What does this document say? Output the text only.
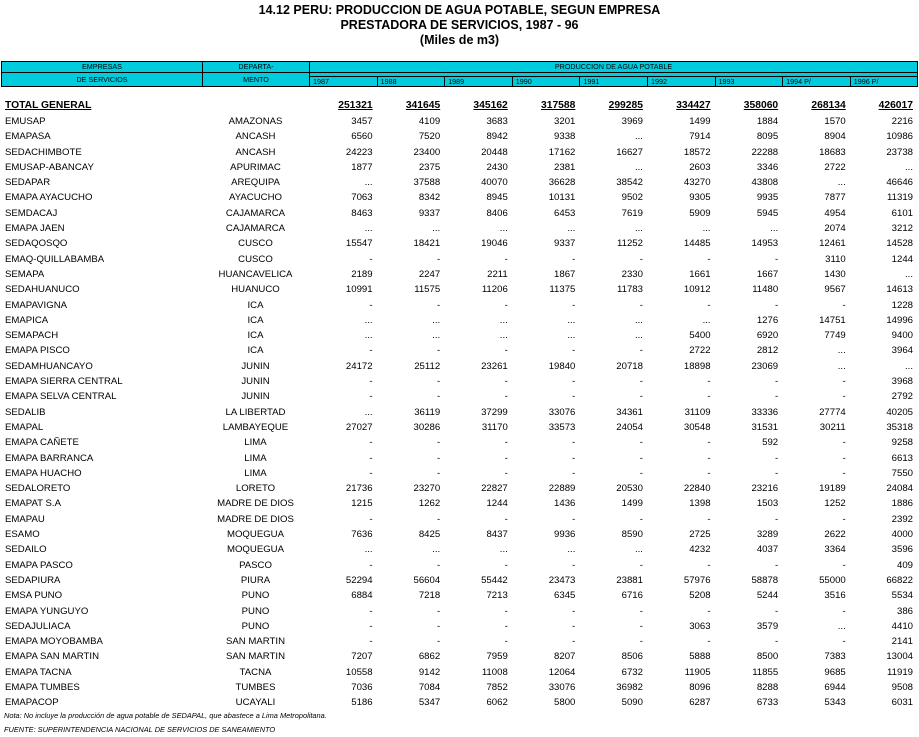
14.12 PERU: PRODUCCION DE AGUA POTABLE, SEGUN EMPRESA
PRESTADORA DE SERVICIOS, 1987 - 96
(Miles de m3)
EMPRESAS	DEPARTA-	PRODUCCION DE AGUA POTABLE								
DE SERVICIOS	MENTO									
		1987	1988	1989	1990	1991	1992	1993	1994 P/	1996 P/
TOTAL GENERAL		251321	341645	345162	317588	299285	334427	358060	268134	426017
EMUSAP	AMAZONAS	3457	4109	3683	3201	3969	1499	1884	1570	2216
EMAPASA	ANCASH	6560	7520	8942	9338	...	7914	8095	8904	10986
SEDACHIMBOTE	ANCASH	24223	23400	20448	17162	16627	18572	22288	18683	23738
EMUSAP-ABANCAY	APURIMAC	1877	2375	2430	2381	...	2603	3346	2722	...
SEDAPAR	AREQUIPA	...	37588	40070	36628	38542	43270	43808	...	46646
EMAPA AYACUCHO	AYACUCHO	7063	8342	8945	10131	9502	9305	9935	7877	11319
SEMDACAJ	CAJAMARCA	8463	9337	8406	6453	7619	5909	5945	4954	6101
EMAPA JAEN	CAJAMARCA	...	...	...	...	...	...	...	2074	3212
SEDAQOSQO	CUSCO	15547	18421	19046	9337	11252	14485	14953	12461	14528
EMAQ-QUILLABAMBA	CUSCO	-	-	-	-	-	-	-	3110	1244
SEMAPA	HUANCAVELICA	2189	2247	2211	1867	2330	1661	1667	1430	...
SEDAHUANUCO	HUANUCO	10991	11575	11206	11375	11783	10912	11480	9567	14613
EMAPAVIGNA	ICA	-	-	-	-	-	-	-	-	1228
EMAPICA	ICA	...	...	...	...	...	...	1276	14751	14996
SEMAPACH	ICA	...	...	...	...	...	5400	6920	7749	9400
EMAPA PISCO	ICA	-	-	-	-	-	2722	2812	...	3964
SEDAMHUANCAYO	JUNIN	24172	25112	23261	19840	20718	18898	23069	...	...
EMAPA SIERRA CENTRAL	JUNIN	-	-	-	-	-	-	-	-	3968
EMAPA SELVA CENTRAL	JUNIN	-	-	-	-	-	-	-	-	2792
SEDALIB	LA LIBERTAD	...	36119	37299	33076	34361	31109	33336	27774	40205
EMAPAL	LAMBAYEQUE	27027	30286	31170	33573	24054	30548	31531	30211	35318
EMAPA CAÑETE	LIMA	-	-	-	-	-	-	592	-	9258
EMAPA BARRANCA	LIMA	-	-	-	-	-	-	-	-	6613
EMAPA HUACHO	LIMA	-	-	-	-	-	-	-	-	7550
SEDALORETO	LORETO	21736	23270	22827	22889	20530	22840	23216	19189	24084
EMAPAT S.A	MADRE DE DIOS	1215	1262	1244	1436	1499	1398	1503	1252	1886
EMAPAU	MADRE DE DIOS	-	-	-	-	-	-	-	-	2392
ESAMO	MOQUEGUA	7636	8425	8437	9936	8590	2725	3289	2622	4000
SEDAILO	MOQUEGUA	...	...	...	...	...	4232	4037	3364	3596
EMAPA PASCO	PASCO	-	-	-	-	-	-	-	-	409
SEDAPIURA	PIURA	52294	56604	55442	23473	23881	57976	58878	55000	66822
EMSA PUNO	PUNO	6884	7218	7213	6345	6716	5208	5244	3516	5534
EMAPA YUNGUYO	PUNO	-	-	-	-	-	-	-	-	386
SEDAJULIACA	PUNO	-	-	-	-	-	3063	3579	...	4410
EMAPA MOYOBAMBA	SAN MARTIN	-	-	-	-	-	-	-	-	2141
EMAPA SAN MARTIN	SAN MARTIN	7207	6862	7959	8207	8506	5888	8500	7383	13004
EMAPA TACNA	TACNA	10558	9142	11008	12064	6732	11905	11855	9685	11919
EMAPA TUMBES	TUMBES	7036	7084	7852	33076	36982	8096	8288	6944	9508
EMAPACOP	UCAYALI	5186	5347	6062	5800	5090	6287	6733	5343	6031
Nota: No incluye la producción de agua potable de SEDAPAL, que abastece a Lima Metropolitana.
FUENTE: SUPERINTENDENCIA NACIONAL DE SERVICIOS DE SANEAMIENTO
